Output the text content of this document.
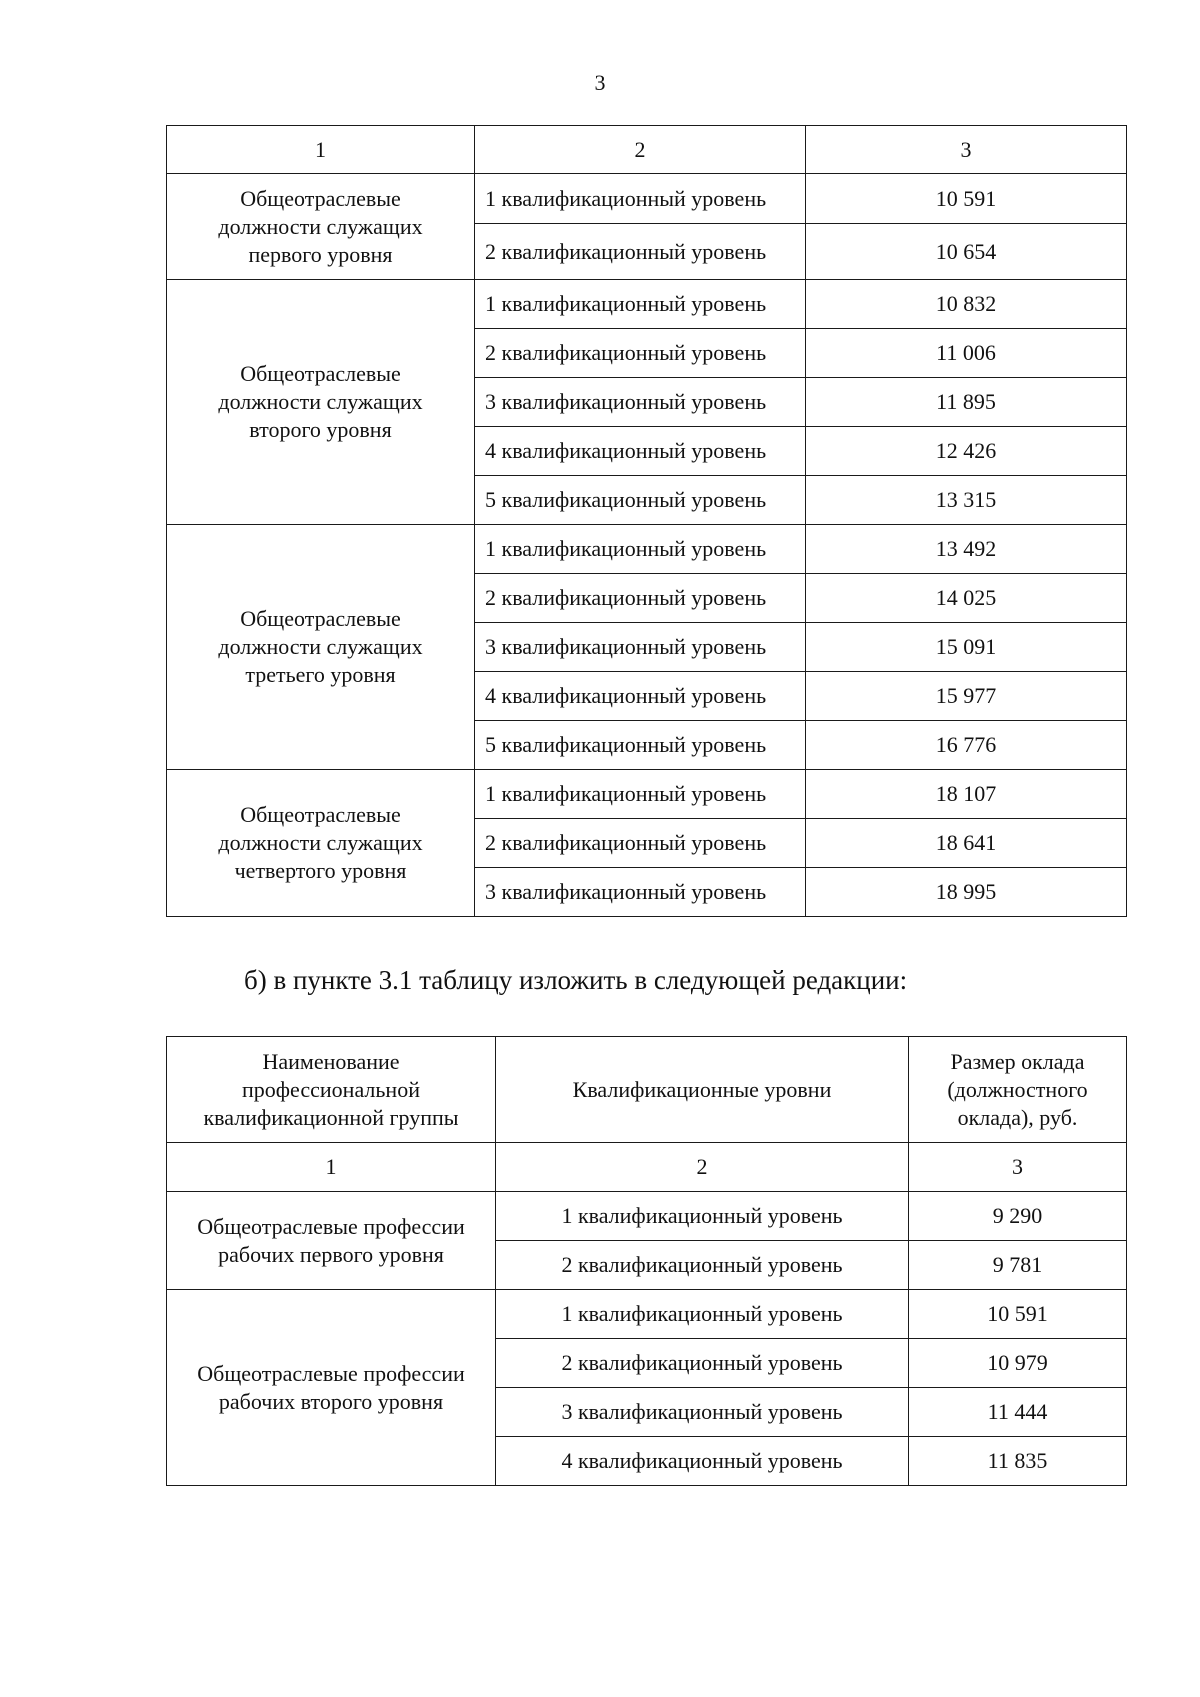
3
1	2	3
Общеотраслевые
должности служащих
первого уровня	1 квалификационный уровень	10 591
	2 квалификационный уровень	10 654
Общеотраслевые
должности служащих
второго уровня	1 квалификационный уровень	10 832
	2 квалификационный уровень	11 006
	3 квалификационный уровень	11 895
	4 квалификационный уровень	12 426
	5 квалификационный уровень	13 315
Общеотраслевые
должности служащих
третьего уровня	1 квалификационный уровень	13 492
	2 квалификационный уровень	14 025
	3 квалификационный уровень	15 091
	4 квалификационный уровень	15 977
	5 квалификационный уровень	16 776
Общеотраслевые
должности служащих
четвертого уровня	1 квалификационный уровень	18 107
	2 квалификационный уровень	18 641
	3 квалификационный уровень	18 995
б) в пункте 3.1 таблицу изложить в следующей редакции:
Наименование
профессиональной
квалификационной группы	Квалификационные уровни	Размер оклада
(должностного
оклада), руб.
1	2	3
Общеотраслевые профессии
рабочих первого уровня	1 квалификационный уровень	9 290
	2 квалификационный уровень	9 781
Общеотраслевые профессии
рабочих второго уровня	1 квалификационный уровень	10 591
	2 квалификационный уровень	10 979
	3 квалификационный уровень	11 444
	4 квалификационный уровень	11 835
